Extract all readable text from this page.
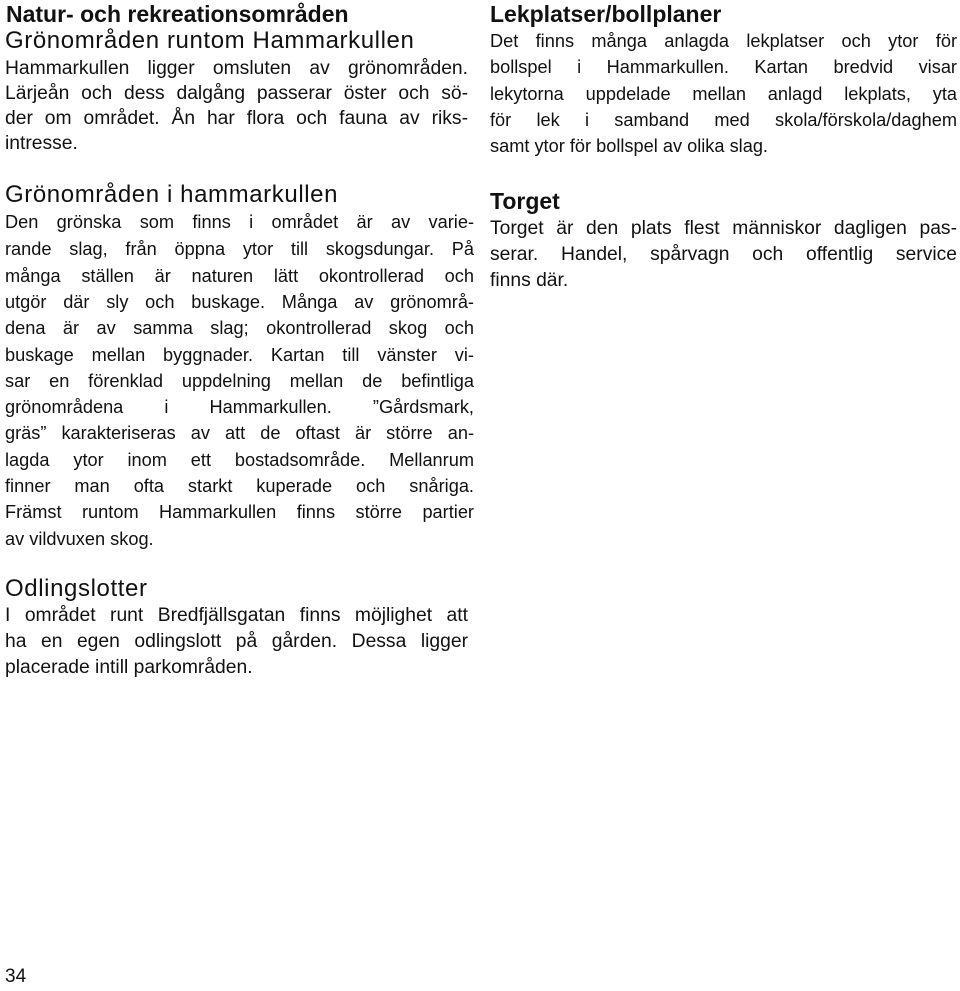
Natur- och rekreationsområden
Grönområden runtom Hammarkullen
Hammarkullen ligger omsluten av grönområden.
Lärjeån och dess dalgång passerar öster och sö-
der om området. Ån har flora och fauna av riks-
intresse.
Grönområden i hammarkullen
Den grönska som finns i området är av varie-
rande slag, från öppna ytor till skogsdungar. På
många ställen är naturen lätt okontrollerad och
utgör där sly och buskage. Många av grönområ-
dena är av samma slag; okontrollerad skog och
buskage mellan byggnader. Kartan till vänster vi-
sar en förenklad uppdelning mellan de befintliga
grönområdena i Hammarkullen. ”Gårdsmark,
gräs” karakteriseras av att de oftast är större an-
lagda ytor inom ett bostadsområde. Mellanrum
finner man ofta starkt kuperade och snåriga.
Främst runtom Hammarkullen finns större partier
av vildvuxen skog.
Odlingslotter
I området runt Bredfjällsgatan finns möjlighet att
ha en egen odlingslott på gården. Dessa ligger
placerade intill parkområden.
Lekplatser/bollplaner
Det finns många anlagda lekplatser och ytor för
bollspel i Hammarkullen. Kartan bredvid visar
lekytorna uppdelade mellan anlagd lekplats, yta
för lek i samband med skola/förskola/daghem
samt ytor för bollspel av olika slag.
Torget
Torget är den plats flest människor dagligen pas-
serar. Handel, spårvagn och offentlig service
finns där.
34
